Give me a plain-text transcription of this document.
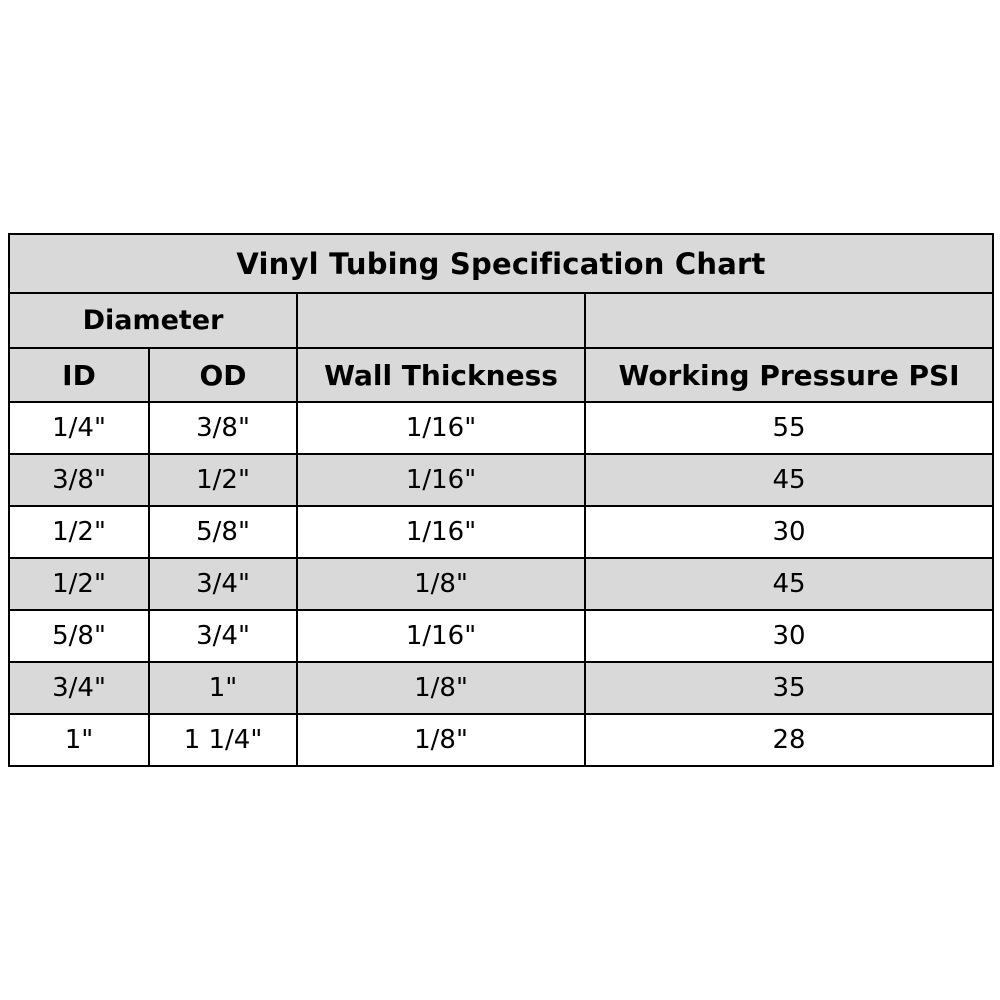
Vinyl Tubing Specification Chart			
Diameter			
ID	OD	Wall Thickness	Working Pressure PSI
1/4"	3/8"	1/16"	55
3/8"	1/2"	1/16"	45
1/2"	5/8"	1/16"	30
1/2"	3/4"	1/8"	45
5/8"	3/4"	1/16"	30
3/4"	1"	1/8"	35
1"	1 1/4"	1/8"	28
